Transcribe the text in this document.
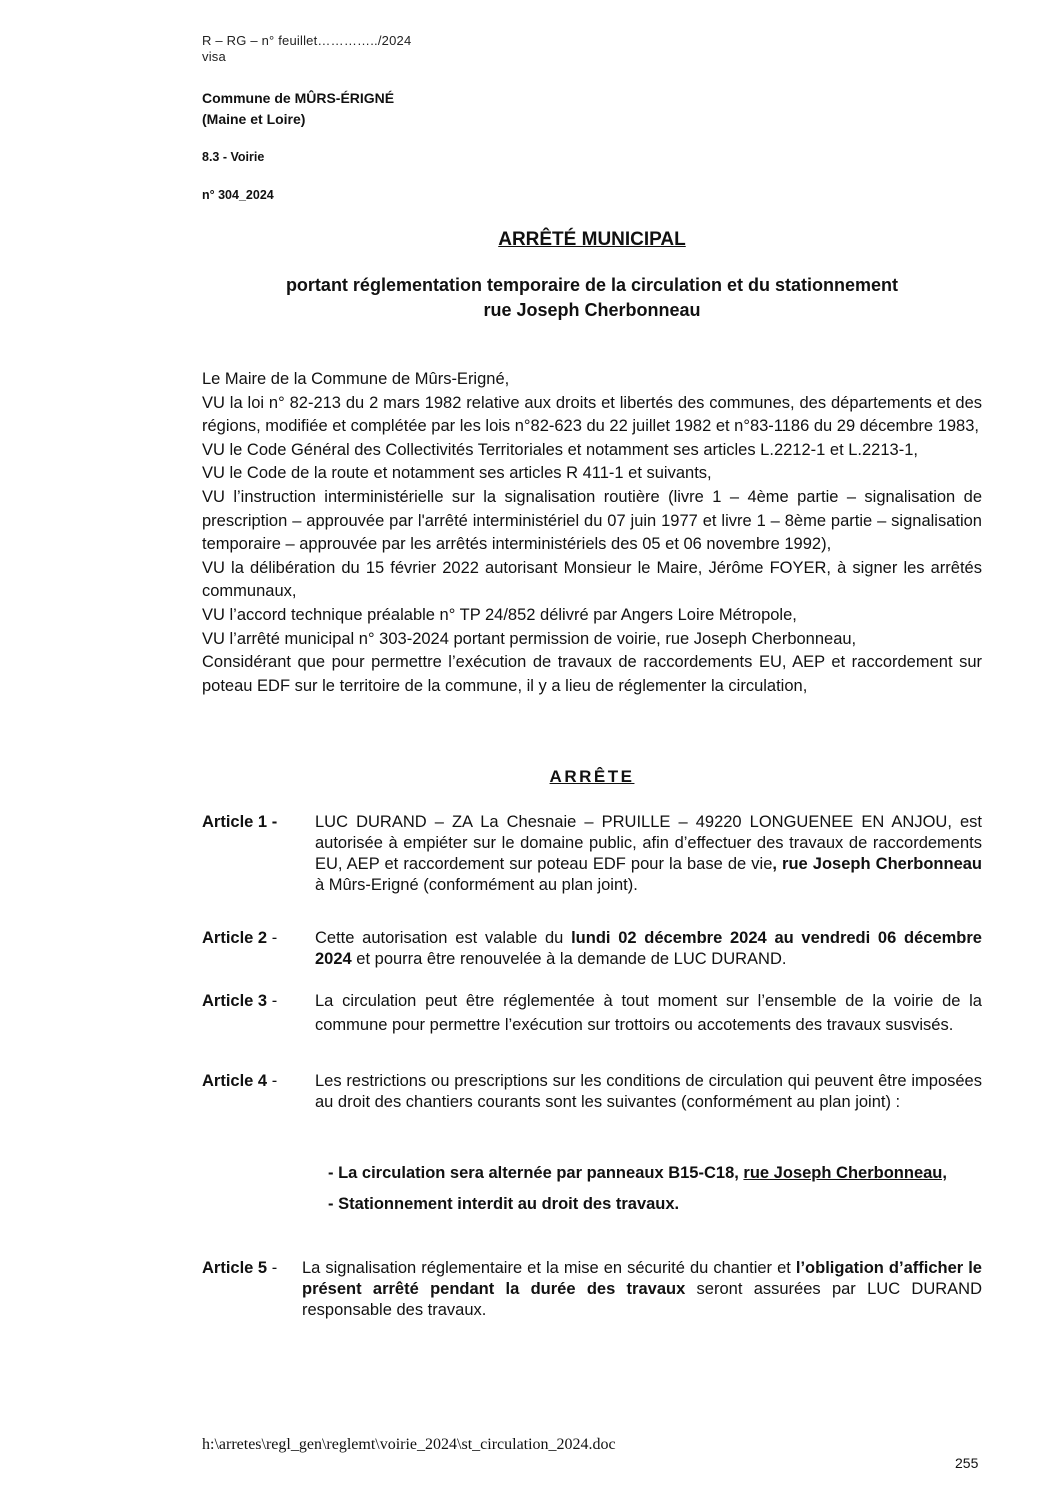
R – RG – n° feuillet…………../2024
visa
Commune de MÛRS-ÉRIGNÉ
(Maine et Loire)
8.3 - Voirie
n° 304_2024
ARRÊTÉ MUNICIPAL
portant réglementation temporaire de la circulation et du stationnement
rue Joseph Cherbonneau

Le Maire de la Commune de Mûrs-Erigné,

VU la loi n° 82-213 du 2 mars 1982 relative aux droits et libertés des communes, des départements et des régions, modifiée et complétée par les lois n°82-623 du 22 juillet 1982 et n°83-1186 du 29 décembre 1983,

VU le Code Général des Collectivités Territoriales et notamment ses articles L.2212-1 et L.2213-1,

VU le Code de la route et notamment ses articles R 411-1 et suivants,

VU l’instruction interministérielle sur la signalisation routière (livre 1 – 4ème partie – signalisation de prescription – approuvée par l'arrêté interministériel du 07 juin 1977 et livre 1 – 8ème partie – signalisation temporaire – approuvée par les arrêtés interministériels des 05 et 06 novembre 1992),

VU la délibération du 15 février 2022 autorisant Monsieur le Maire, Jérôme FOYER, à signer les arrêtés communaux,

VU l’accord technique préalable n° TP 24/852 délivré par Angers Loire Métropole,

VU l’arrêté municipal n° 303-2024 portant permission de voirie, rue Joseph Cherbonneau,

Considérant que pour permettre l’exécution de travaux de raccordements EU, AEP et raccordement sur poteau EDF sur le territoire de la commune, il y a lieu de réglementer la circulation,

ARRÊTE
Article 1 -	LUC DURAND – ZA La Chesnaie – PRUILLE – 49220 LONGUENEE EN ANJOU, est autorisée à empiéter sur le domaine public, afin d’effectuer des travaux de raccordements EU, AEP et raccordement sur poteau EDF pour la base de vie, rue Joseph Cherbonneau à Mûrs-Erigné (conformément au plan joint).
Article 2 -	Cette autorisation est valable du lundi 02 décembre 2024 au vendredi 06 décembre 2024 et pourra être renouvelée à la demande de LUC DURAND.
Article 3 -	La circulation peut être réglementée à tout moment sur l’ensemble de la voirie de la commune pour permettre l’exécution sur trottoirs ou accotements des travaux susvisés.
Article 4 -	Les restrictions ou prescriptions sur les conditions de circulation qui peuvent être imposées au droit des chantiers courants sont les suivantes (conformément au plan joint) :

- La circulation sera alternée par panneaux B15-C18, rue Joseph Cherbonneau,

- Stationnement interdit au droit des travaux.

Article 5 -	La signalisation réglementaire et la mise en sécurité du chantier et l’obligation d’afficher le présent arrêté pendant la durée des travaux seront assurées par LUC DURAND responsable des travaux.
h:\arretes\regl_gen\reglemt\voirie_2024\st_circulation_2024.doc
255
